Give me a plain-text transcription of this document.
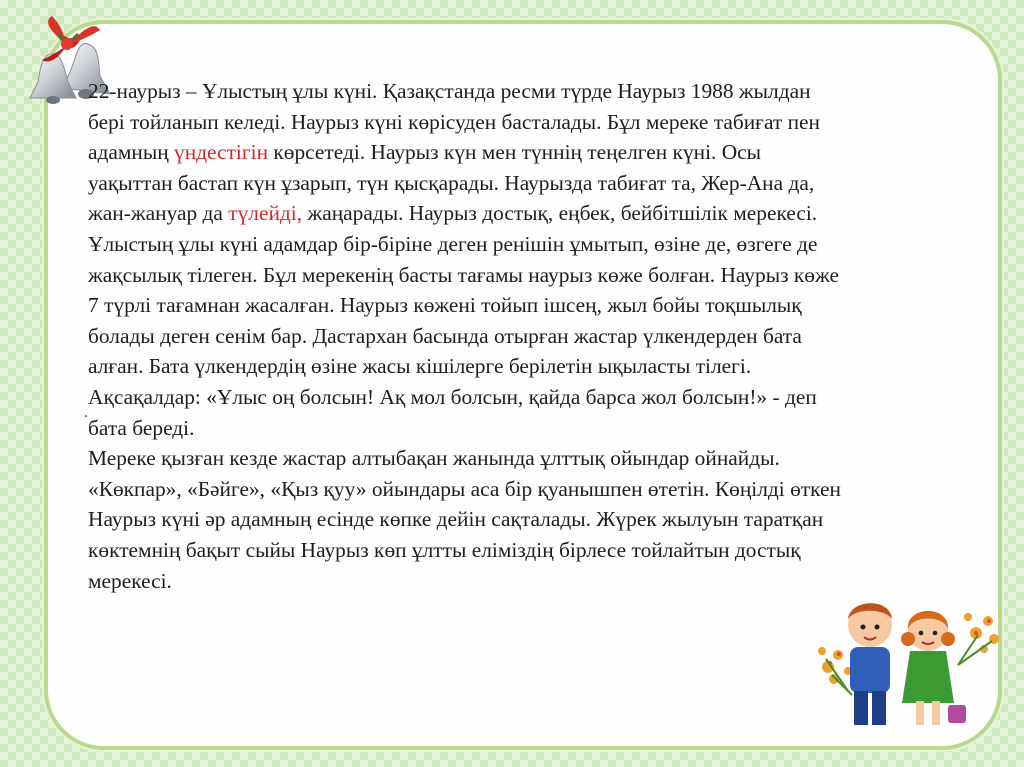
22-наурыз – Ұлыстың ұлы күні. Қазақстанда ресми түрде Наурыз 1988 жылдан бері тойланып келеді. Наурыз күні көрісуден басталады. Бұл мереке табиғат пен адамның үндестігін көрсетеді. Наурыз күн мен түннің теңелген күні. Осы уақыттан бастап күн ұзарып, түн қысқарады. Наурызда табиғат та, Жер-Ана да, жан-жануар да түлейді, жаңарады. Наурыз достық, еңбек, бейбітшілік мерекесі.

Ұлыстың ұлы күні адамдар бір-біріне деген ренішін ұмытып, өзіне де, өзгеге де жақсылық тілеген. Бұл мерекенің басты тағамы наурыз көже болған. Наурыз көже 7 түрлі тағамнан жасалған. Наурыз көжені тойып ішсең, жыл бойы тоқшылық болады деген сенім бар. Дастархан басында отырған жастар үлкендерден бата алған. Бата үлкендердің өзіне жасы кішілерге берілетін ықыласты тілегі. Ақсақалдар: «Ұлыс оң болсын! Ақ мол болсын, қайда барса жол болсын!» - деп бата береді.

Мереке қызған кезде жастар алтыбақан жанында ұлттық ойындар ойнайды. «Көкпар», «Бәйге», «Қыз қуу» ойындары аса бір қуанышпен өтетін. Көңілді өткен Наурыз күні әр адамның есінде көпке дейін сақталады. Жүрек жылуын таратқан көктемнің бақыт сыйы Наурыз көп ұлтты еліміздің бірлесе тойлайтын достық мерекесі.

.
